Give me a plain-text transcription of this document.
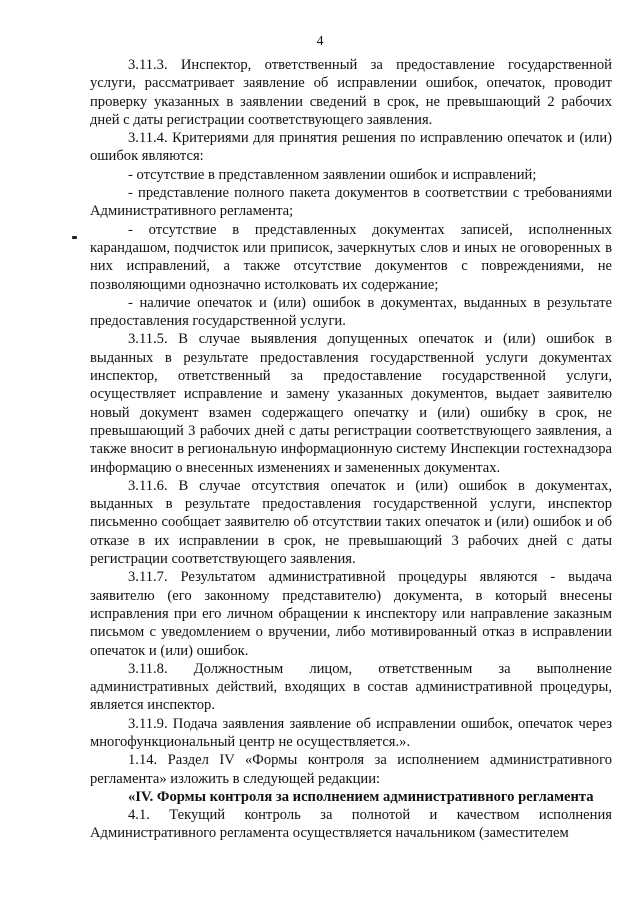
4

3.11.3. Инспектор, ответственный за предоставление государственной услуги, рассматривает заявление об исправлении ошибок, опечаток, проводит проверку указанных в заявлении сведений в срок, не превышающий 2 рабочих дней с даты регистрации соответствующего заявления.

3.11.4. Критериями для принятия решения по исправлению опечаток и (или) ошибок являются:

- отсутствие в представленном заявлении ошибок и исправлений;

- представление полного пакета документов в соответствии с требованиями Административного регламента;

- отсутствие в представленных документах записей, исполненных карандашом, подчисток или приписок, зачеркнутых слов и иных не оговоренных в них исправлений, а также отсутствие документов с повреждениями, не позволяющими однозначно истолковать их содержание;

- наличие опечаток и (или) ошибок в документах, выданных в результате предоставления государственной услуги.

3.11.5. В случае выявления допущенных опечаток и (или) ошибок в выданных в результате предоставления государственной услуги документах инспектор, ответственный за предоставление государственной услуги, осуществляет исправление и замену указанных документов, выдает заявителю новый документ взамен содержащего опечатку и (или) ошибку в срок, не превышающий 3 рабочих дней с даты регистрации соответствующего заявления, а также вносит в региональную информационную систему Инспекции гостехнадзора информацию о внесенных изменениях и замененных документах.

3.11.6. В случае отсутствия опечаток и (или) ошибок в документах, выданных в результате предоставления государственной услуги, инспектор письменно сообщает заявителю об отсутствии таких опечаток и (или) ошибок и об отказе в их исправлении в срок, не превышающий 3 рабочих дней с даты регистрации соответствующего заявления.

3.11.7. Результатом административной процедуры являются - выдача заявителю (его законному представителю) документа, в который внесены исправления при его личном обращении к инспектору или направление заказным письмом с уведомлением о вручении, либо мотивированный отказ в исправлении опечаток и (или) ошибок.

3.11.8. Должностным лицом, ответственным за выполнение административных действий, входящих в состав административной процедуры, является инспектор.

3.11.9. Подача заявления заявление об исправлении ошибок, опечаток через многофункциональный центр не осуществляется.».

1.14. Раздел IV «Формы контроля за исполнением административного регламента» изложить в следующей редакции:

«IV. Формы контроля за исполнением административного регламента

4.1. Текущий контроль за полнотой и качеством исполнения Административного регламента осуществляется начальником (заместителем
